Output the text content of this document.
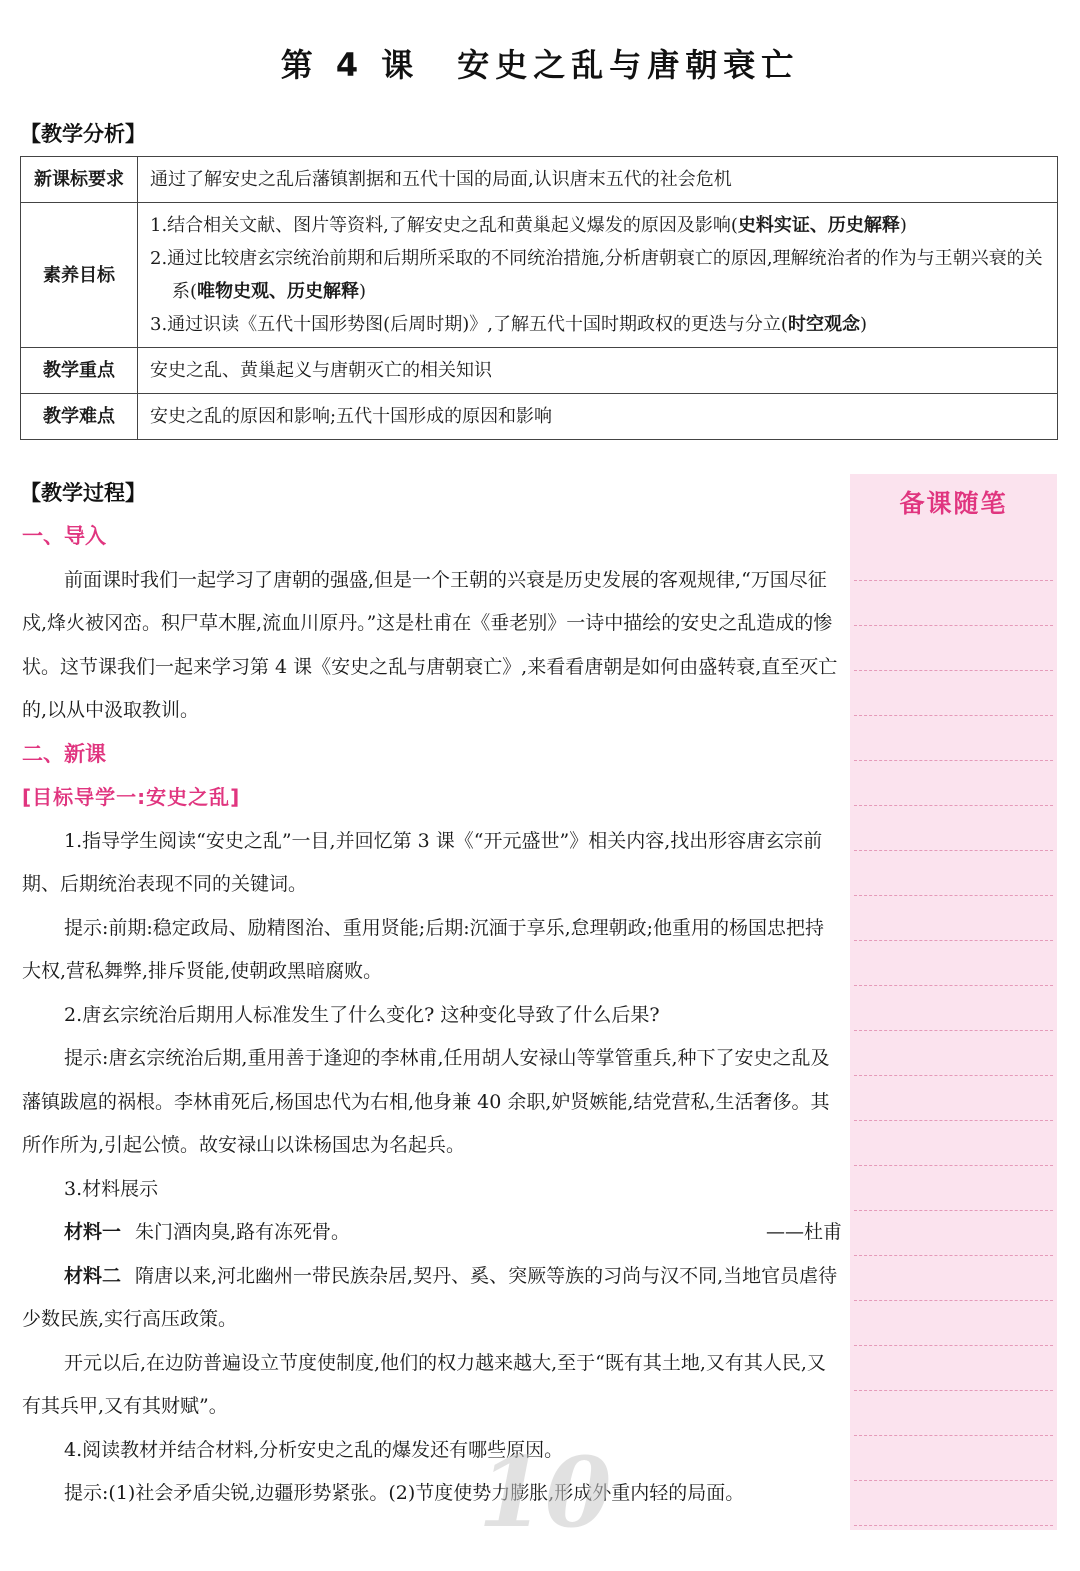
第 4 课　安史之乱与唐朝衰亡
【教学分析】
新课标要求	通过了解安史之乱后藩镇割据和五代十国的局面,认识唐末五代的社会危机
素养目标	1.结合相关文献、图片等资料,了解安史之乱和黄巢起义爆发的原因及影响(史料实证、历史解释)
2.通过比较唐玄宗统治前期和后期所采取的不同统治措施,分析唐朝衰亡的原因,理解统治者的作为与王朝兴衰的关系(唯物史观、历史解释)
3.通过识读《五代十国形势图(后周时期)》,了解五代十国时期政权的更迭与分立(时空观念)

教学重点	安史之乱、黄巢起义与唐朝灭亡的相关知识
教学难点	安史之乱的原因和影响;五代十国形成的原因和影响
【教学过程】	备课随笔

一、导入

前面课时我们一起学习了唐朝的强盛,但是一个王朝的兴衰是历史发展的客观规律,“万国尽征戍,烽火被冈峦。积尸草木腥,流血川原丹。”这是杜甫在《垂老别》一诗中描绘的安史之乱造成的惨状。这节课我们一起来学习第 4 课《安史之乱与唐朝衰亡》,来看看唐朝是如何由盛转衰,直至灭亡的,以从中汲取教训。

二、新课

[目标导学一:安史之乱]

1.指导学生阅读“安史之乱”一目,并回忆第 3 课《“开元盛世”》相关内容,找出形容唐玄宗前期、后期统治表现不同的关键词。

提示:前期:稳定政局、励精图治、重用贤能;后期:沉湎于享乐,怠理朝政;他重用的杨国忠把持大权,营私舞弊,排斥贤能,使朝政黑暗腐败。

2.唐玄宗统治后期用人标准发生了什么变化? 这种变化导致了什么后果?

提示:唐玄宗统治后期,重用善于逢迎的李林甫,任用胡人安禄山等掌管重兵,种下了安史之乱及藩镇跋扈的祸根。李林甫死后,杨国忠代为右相,他身兼 40 余职,妒贤嫉能,结党营私,生活奢侈。其所作所为,引起公愤。故安禄山以诛杨国忠为名起兵。

3.材料展示

材料一 朱门酒肉臭,路有冻死骨。	——杜甫

材料二 隋唐以来,河北幽州一带民族杂居,契丹、奚、突厥等族的习尚与汉不同,当地官员虐待少数民族,实行高压政策。

开元以后,在边防普遍设立节度使制度,他们的权力越来越大,至于“既有其土地,又有其人民,又有其兵甲,又有其财赋”。

4.阅读教材并结合材料,分析安史之乱的爆发还有哪些原因。

提示:(1)社会矛盾尖锐,边疆形势紧张。(2)节度使势力膨胀,形成外重内轻的局面。

10
